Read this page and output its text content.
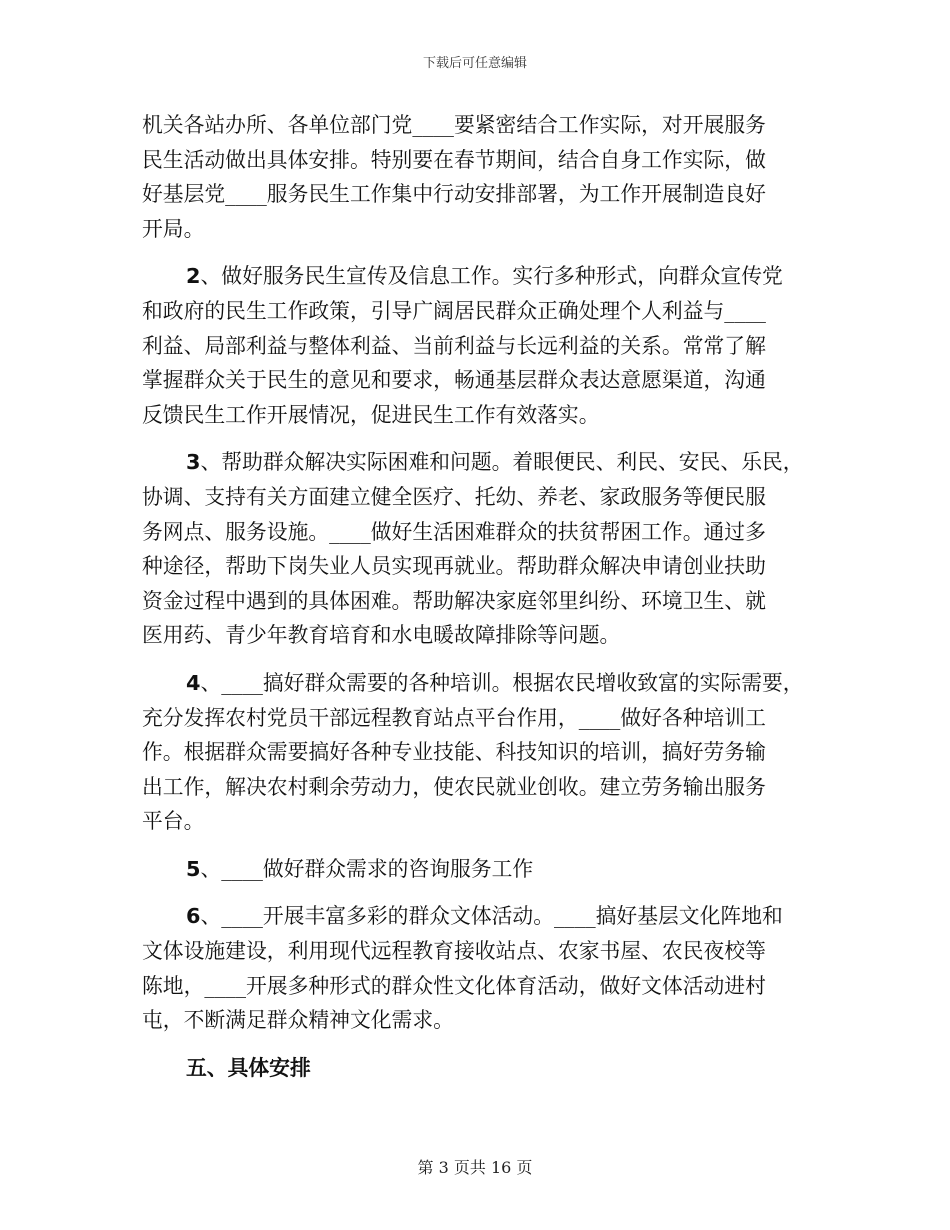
下载后可任意编辑

机关各站办所、各单位部门党____要紧密结合工作实际，对开展服务

民生活动做出具体安排。特别要在春节期间，结合自身工作实际，做

好基层党____服务民生工作集中行动安排部署，为工作开展制造良好

开局。

2、做好服务民生宣传及信息工作。实行多种形式，向群众宣传党

和政府的民生工作政策，引导广阔居民群众正确处理个人利益与____

利益、局部利益与整体利益、当前利益与长远利益的关系。常常了解

掌握群众关于民生的意见和要求，畅通基层群众表达意愿渠道，沟通

反馈民生工作开展情况，促进民生工作有效落实。

3、帮助群众解决实际困难和问题。着眼便民、利民、安民、乐民，

协调、支持有关方面建立健全医疗、托幼、养老、家政服务等便民服

务网点、服务设施。____做好生活困难群众的扶贫帮困工作。通过多

种途径，帮助下岗失业人员实现再就业。帮助群众解决申请创业扶助

资金过程中遇到的具体困难。帮助解决家庭邻里纠纷、环境卫生、就

医用药、青少年教育培育和水电暖故障排除等问题。

4、____搞好群众需要的各种培训。根据农民增收致富的实际需要，

充分发挥农村党员干部远程教育站点平台作用，____做好各种培训工

作。根据群众需要搞好各种专业技能、科技知识的培训，搞好劳务输

出工作，解决农村剩余劳动力，使农民就业创收。建立劳务输出服务

平台。

5、____做好群众需求的咨询服务工作

6、____开展丰富多彩的群众文体活动。____搞好基层文化阵地和

文体设施建设，利用现代远程教育接收站点、农家书屋、农民夜校等

陈地，____开展多种形式的群众性文化体育活动，做好文体活动进村

屯，不断满足群众精神文化需求。

五、具体安排
第 3 页共 16 页
